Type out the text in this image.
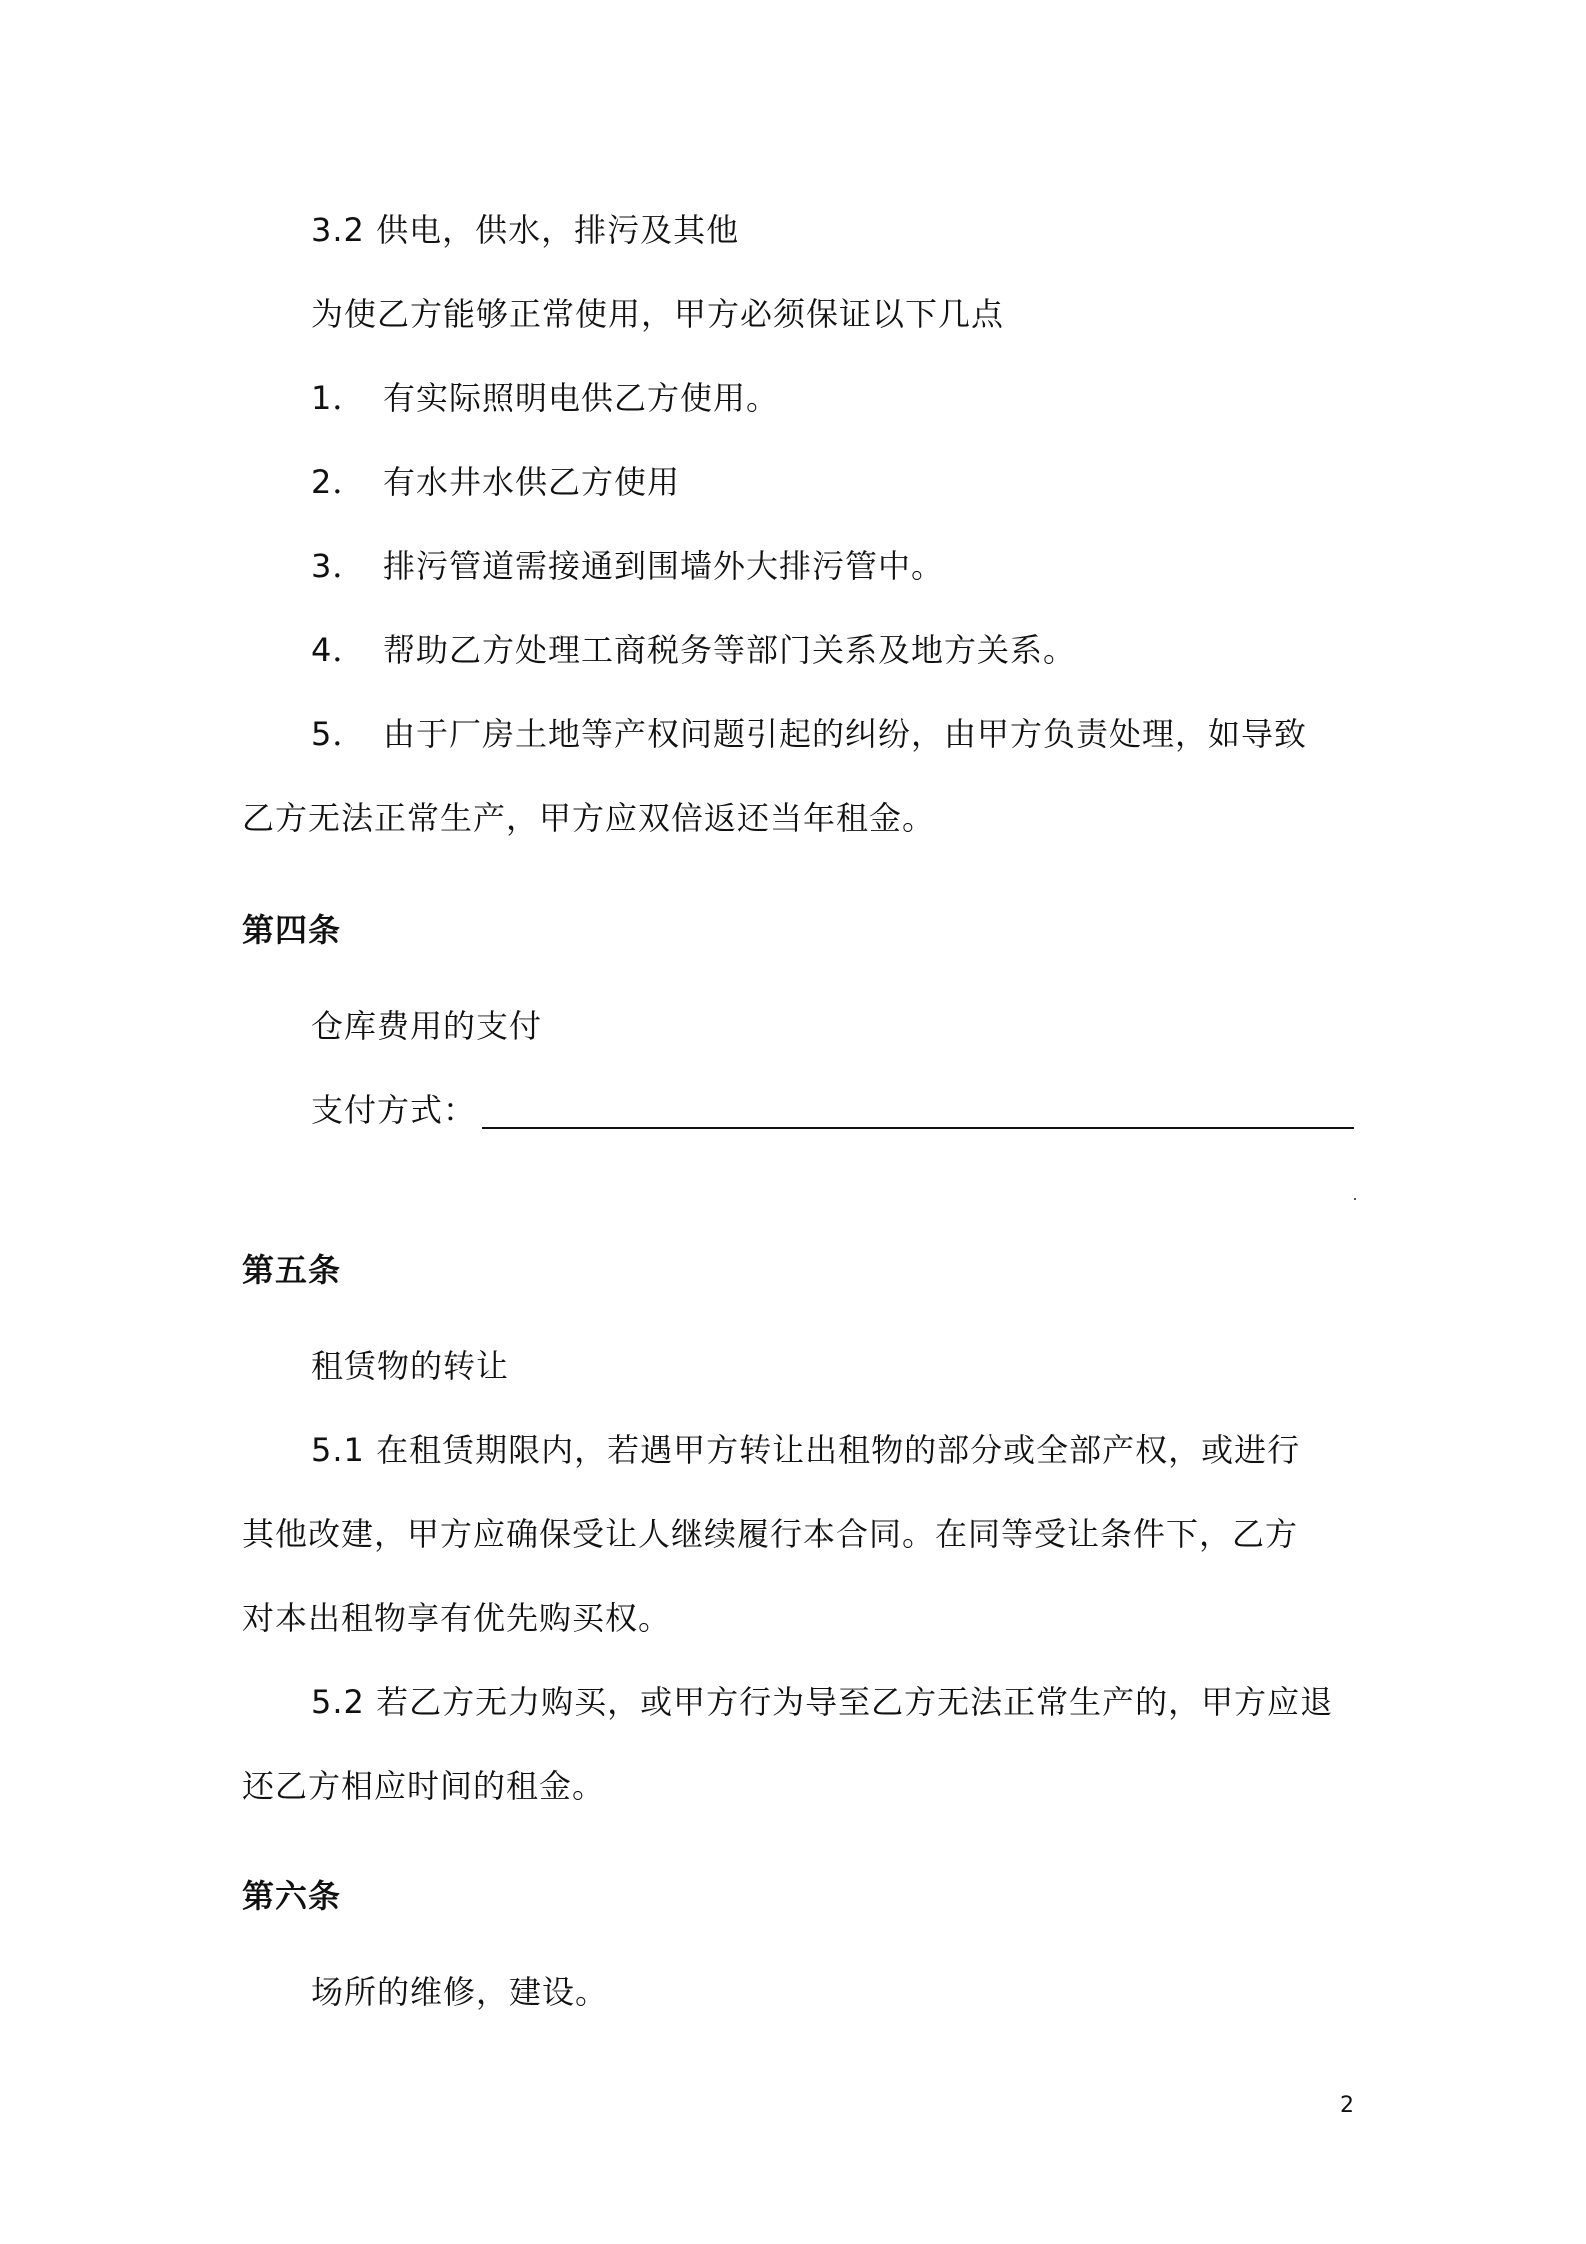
3.2 供电，供水，排污及其他
为使乙方能够正常使用，甲方必须保证以下几点
1． 有实际照明电供乙方使用。
2． 有水井水供乙方使用
3． 排污管道需接通到围墙外大排污管中。
4． 帮助乙方处理工商税务等部门关系及地方关系。
5． 由于厂房土地等产权问题引起的纠纷，由甲方负责处理，如导致
乙方无法正常生产，甲方应双倍返还当年租金。
第四条
仓库费用的支付
支付方式：
第五条
租赁物的转让
5.1 在租赁期限内，若遇甲方转让出租物的部分或全部产权，或进行
其他改建，甲方应确保受让人继续履行本合同。在同等受让条件下，乙方
对本出租物享有优先购买权。
5.2 若乙方无力购买，或甲方行为导至乙方无法正常生产的，甲方应退
还乙方相应时间的租金。
第六条
场所的维修，建设。
2
